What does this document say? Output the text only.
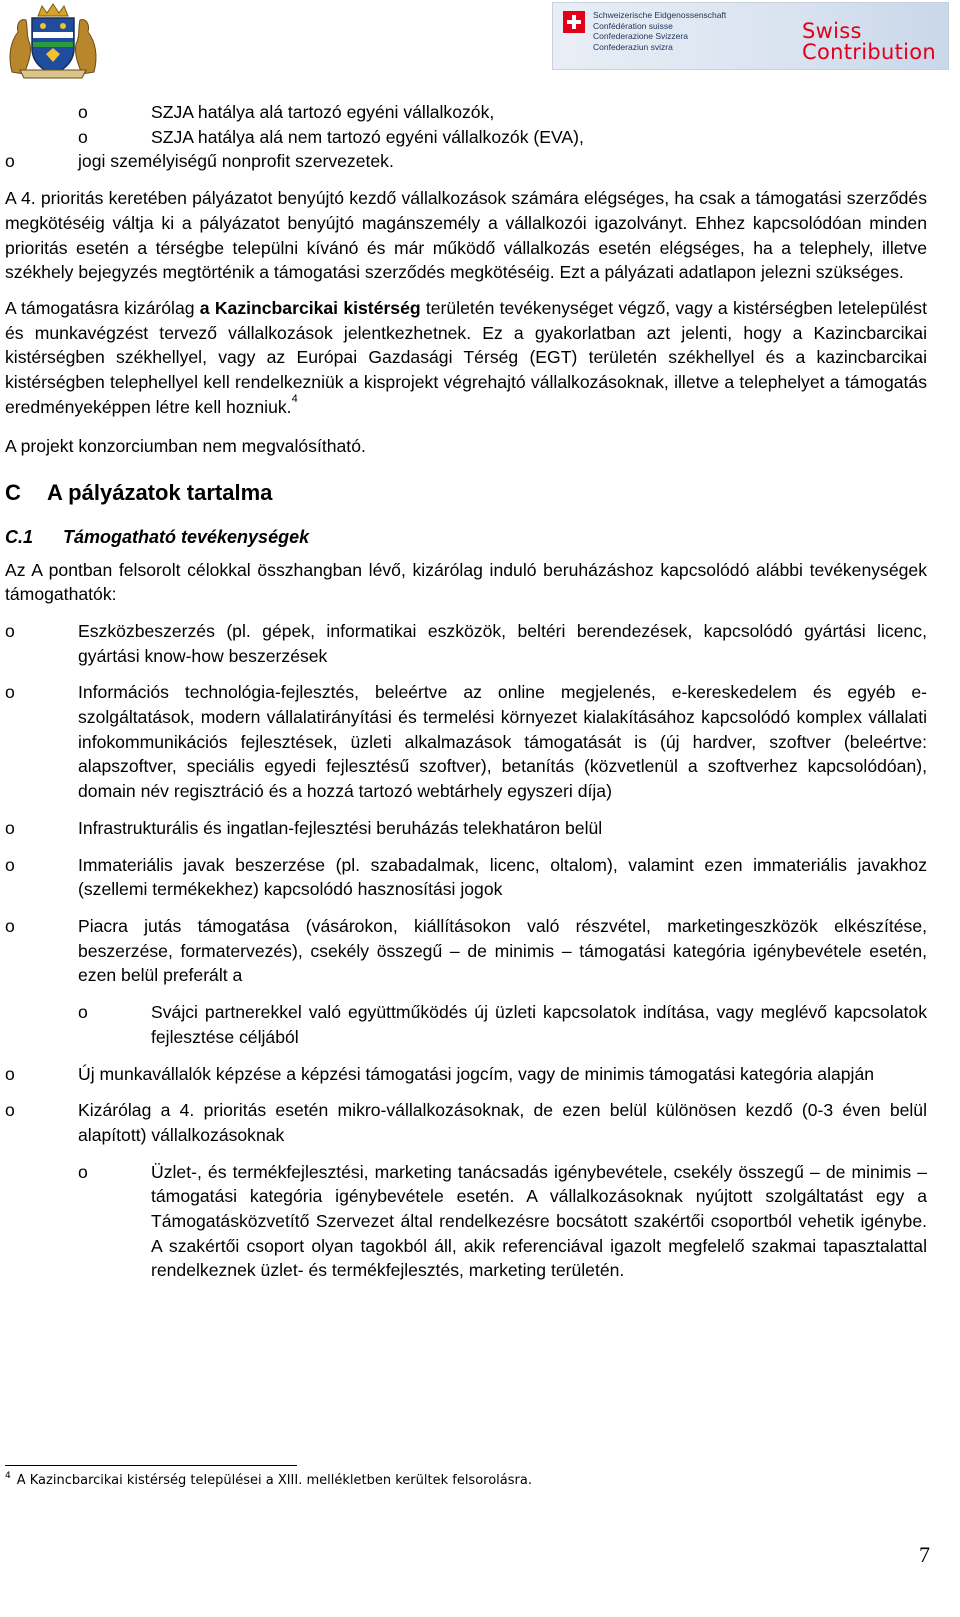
Schweizerische Eidgenossenschaft
Confédération suisse
Confederazione Svizzera
Confederaziun svizra
Swiss
Contribution
o	SZJA hatálya alá tartozó egyéni vállalkozók,
o	SZJA hatálya alá nem tartozó egyéni vállalkozók (EVA),
o	jogi személyiségű nonprofit szervezetek.

A 4. prioritás keretében pályázatot benyújtó kezdő vállalkozások számára elégséges, ha csak a támogatási szerződés megkötéséig váltja ki a pályázatot benyújtó magánszemély a vállalkozói igazolványt. Ehhez kapcsolódóan minden prioritás esetén a térségbe települni kívánó és már működő vállalkozás esetén elégséges, ha a telephely, illetve székhely bejegyzés megtörténik a támogatási szerződés megkötéséig. Ezt a pályázati adatlapon jelezni szükséges.

A támogatásra kizárólag a Kazincbarcikai kistérség területén tevékenységet végző, vagy a kistérségben letelepülést és munkavégzést tervező vállalkozások jelentkezhetnek. Ez a gyakorlatban azt jelenti, hogy a Kazincbarcikai kistérségben székhellyel, vagy az Európai Gazdasági Térség (EGT) területén székhellyel és a kazincbarcikai kistérségben telephellyel kell rendelkezniük a kisprojekt végrehajtó vállalkozásoknak, illetve a telephelyet a támogatás eredményeképpen létre kell hozniuk.$^4$

A projekt konzorciumban nem megvalósítható.

C A pályázatok tartalma
C.1 Támogatható tevékenységek

Az A pontban felsorolt célokkal összhangban lévő, kizárólag induló beruházáshoz kapcsolódó alábbi tevékenységek támogathatók:

o	Eszközbeszerzés (pl. gépek, informatikai eszközök, beltéri berendezések, kapcsolódó gyártási licenc, gyártási know-how beszerzések
o	Információs technológia-fejlesztés, beleértve az online megjelenés, e-kereskedelem és egyéb e-szolgáltatások, modern vállalatirányítási és termelési környezet kialakításához kapcsolódó komplex vállalati infokommunikációs fejlesztések, üzleti alkalmazások támogatását is (új hardver, szoftver (beleértve: alapszoftver, speciális egyedi fejlesztésű szoftver), betanítás (közvetlenül a szoftverhez kapcsolódóan), domain név regisztráció és a hozzá tartozó webtárhely egyszeri díja)
o	Infrastrukturális és ingatlan-fejlesztési beruházás telekhatáron belül
o	Immateriális javak beszerzése (pl. szabadalmak, licenc, oltalom), valamint ezen immateriális javakhoz (szellemi termékekhez) kapcsolódó hasznosítási jogok
o	Piacra jutás támogatása (vásárokon, kiállításokon való részvétel, marketingeszközök elkészítése, beszerzése, formatervezés), csekély összegű – de minimis – támogatási kategória igénybevétele esetén, ezen belül preferált a
o	Svájci partnerekkel való együttműködés új üzleti kapcsolatok indítása, vagy meglévő kapcsolatok fejlesztése céljából
o	Új munkavállalók képzése a képzési támogatási jogcím, vagy de minimis támogatási kategória alapján
o	Kizárólag a 4. prioritás esetén mikro-vállalkozásoknak, de ezen belül különösen kezdő (0-3 éven belül alapított) vállalkozásoknak
o	Üzlet-, és termékfejlesztési, marketing tanácsadás igénybevétele, csekély összegű – de minimis – támogatási kategória igénybevétele esetén. A vállalkozásoknak nyújtott szolgáltatást egy a Támogatásközvetítő Szervezet által rendelkezésre bocsátott szakértői csoportból vehetik igénybe. A szakértői csoport olyan tagokból áll, akik referenciával igazolt megfelelő szakmai tapasztalattal rendelkeznek üzlet- és termékfejlesztés, marketing területén.
$^4$ A Kazincbarcikai kistérség települései a XIII. mellékletben kerültek felsorolásra.
7
